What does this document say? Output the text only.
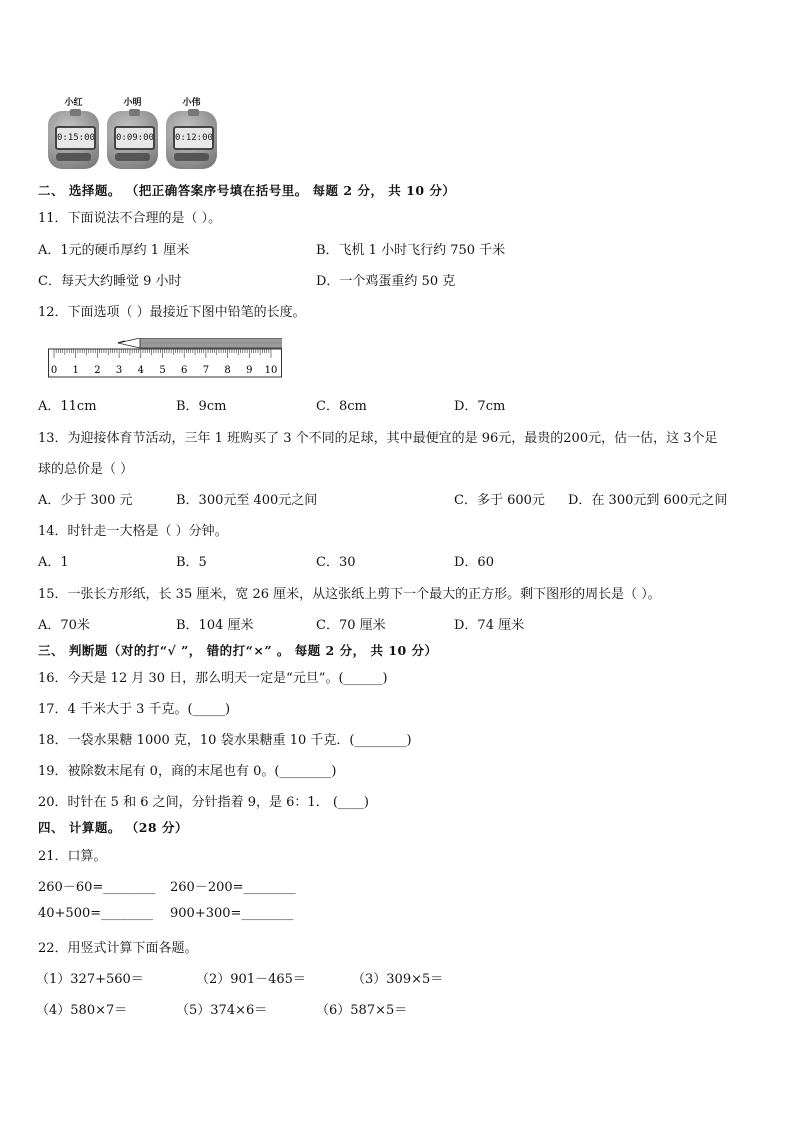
小红
0:15:00
小明
0:09:00
小伟
0:12:00
二、 选择题。 （把正确答案序号填在括号里。 每题 2 分， 共 10 分）
11．下面说法不合理的是（ ）。
A．1元的硬币厚约 1 厘米	B．飞机 1 小时飞行约 750 千米
C．每天大约睡觉 9 小时	D．一个鸡蛋重约 50 克
12．下面选项（ ）最接近下图中铅笔的长度。
0 1 2 3 4 5 6 7 8 9 10
A．11cm	B．9cm	C．8cm	D．7cm
13．为迎接体育节活动，三年 1 班购买了 3 个不同的足球，其中最便宜的是 96元，最贵的200元，估一估，这 3个足
球的总价是（ ）
A．少于 300 元	B．300元至 400元之间	C．多于 600元 D．在 300元到 600元之间
14．时针走一大格是（ ）分钟。
A．1	B．5	C．30	D．60
15．一张长方形纸，长 35 厘米，宽 26 厘米，从这张纸上剪下一个最大的正方形。剩下图形的周长是（ ）。
A．70米	B．104 厘米	C．70 厘米	D．74 厘米
三、 判断题（对的打“√ ”， 错的打“×” 。 每题 2 分， 共 10 分）
16．今天是 12 月 30 日，那么明天一定是“元旦”。(______)
17．4 千米大于 3 千克。(_____)
18．一袋水果糖 1000 克，10 袋水果糖重 10 千克．(________)
19．被除数末尾有 0，商的末尾也有 0。(________)
20．时针在 5 和 6 之间，分针指着 9，是 6：1． (____)
四、 计算题。 （28 分）
21．口算。
260－60=________ 260－200=________
40+500=________ 900+300=________
22．用竖式计算下面各题。
（1）327+560＝	（2）901－465＝	（3）309×5＝
（4）580×7＝	（5）374×6＝	（6）587×5＝
